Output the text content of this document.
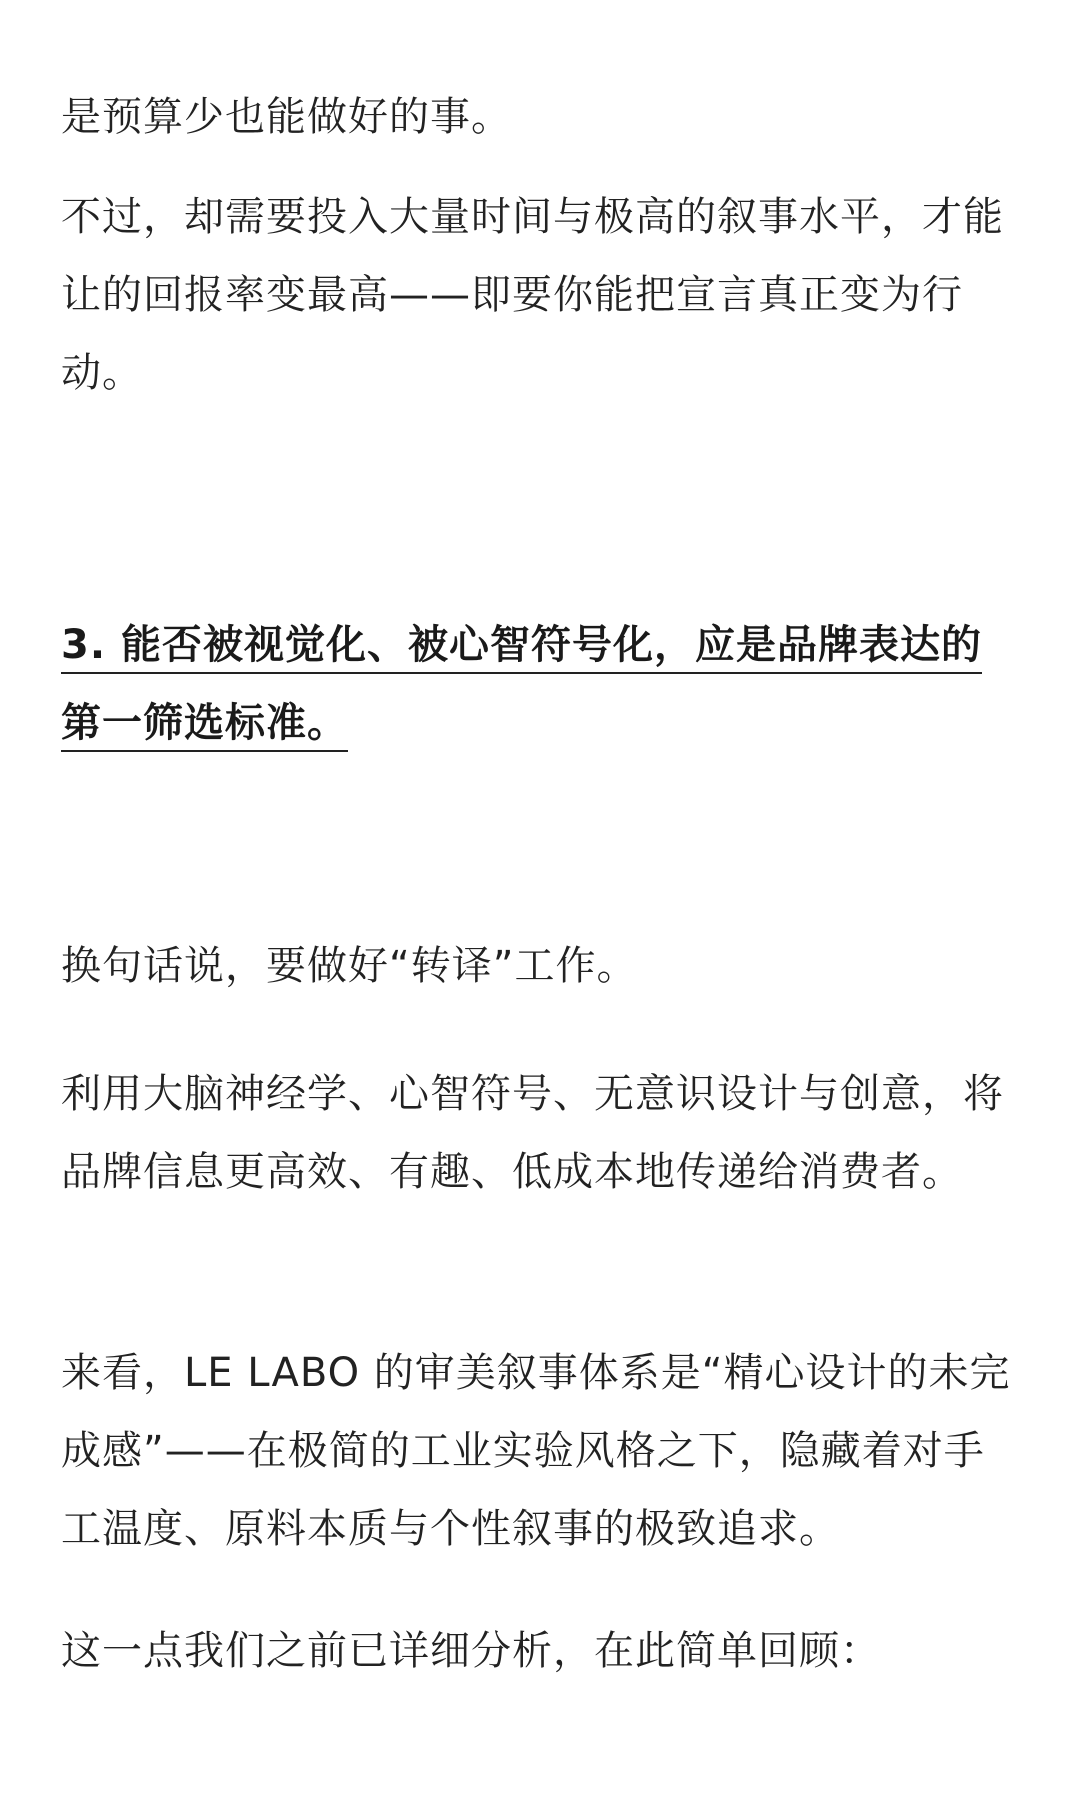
是预算少也能做好的事。

不过，却需要投入大量时间与极高的叙事水平，才能让的回报率变最高——即要你能把宣言真正变为行动。

3. 能否被视觉化、被心智符号化，应是品牌表达的第一筛选标准。

换句话说，要做好“转译”工作。

利用大脑神经学、心智符号、无意识设计与创意，将品牌信息更高效、有趣、低成本地传递给消费者。

来看，LE LABO 的审美叙事体系是“精心设计的未完成感”——在极简的工业实验风格之下，隐藏着对手工温度、原料本质与个性叙事的极致追求。

这一点我们之前已详细分析，在此简单回顾：
